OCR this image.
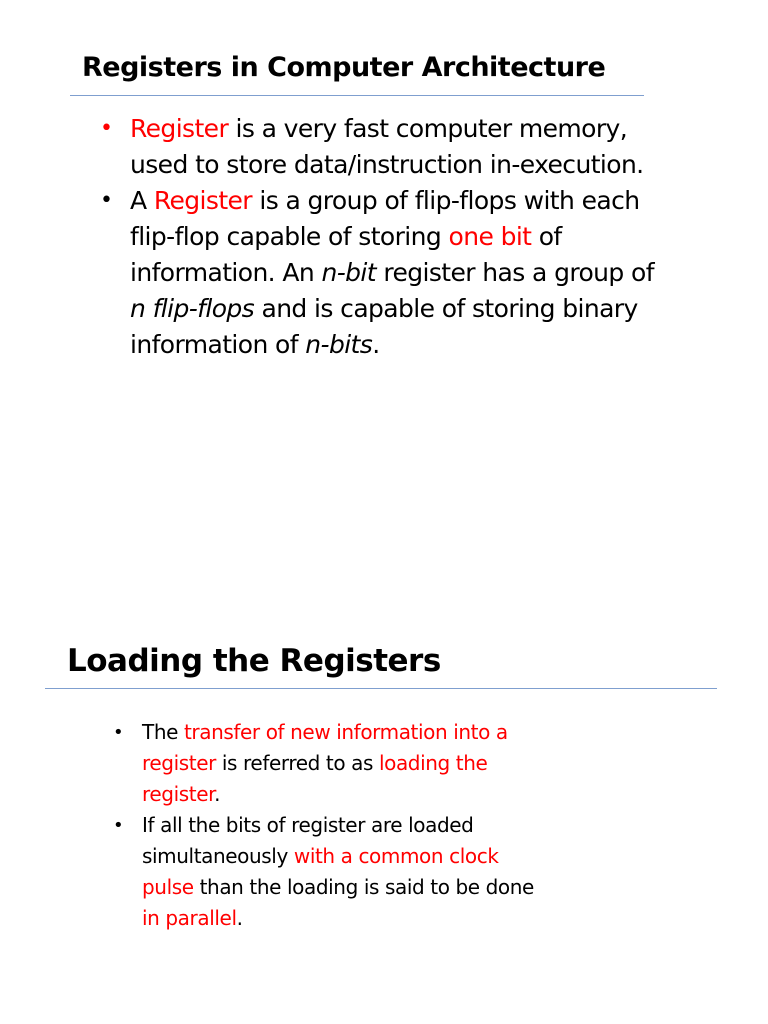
Registers in Computer Architecture
• Register is a very fast computer memory, used to store data/instruction in-execution.
• A Register is a group of flip-flops with each flip-flop capable of storing one bit of information. An n-bit register has a group of n flip-flops and is capable of storing binary information of n-bits.
Loading the Registers
• The transfer of new information into a register is referred to as loading the register.
• If all the bits of register are loaded simultaneously with a common clock pulse than the loading is said to be done in parallel.
